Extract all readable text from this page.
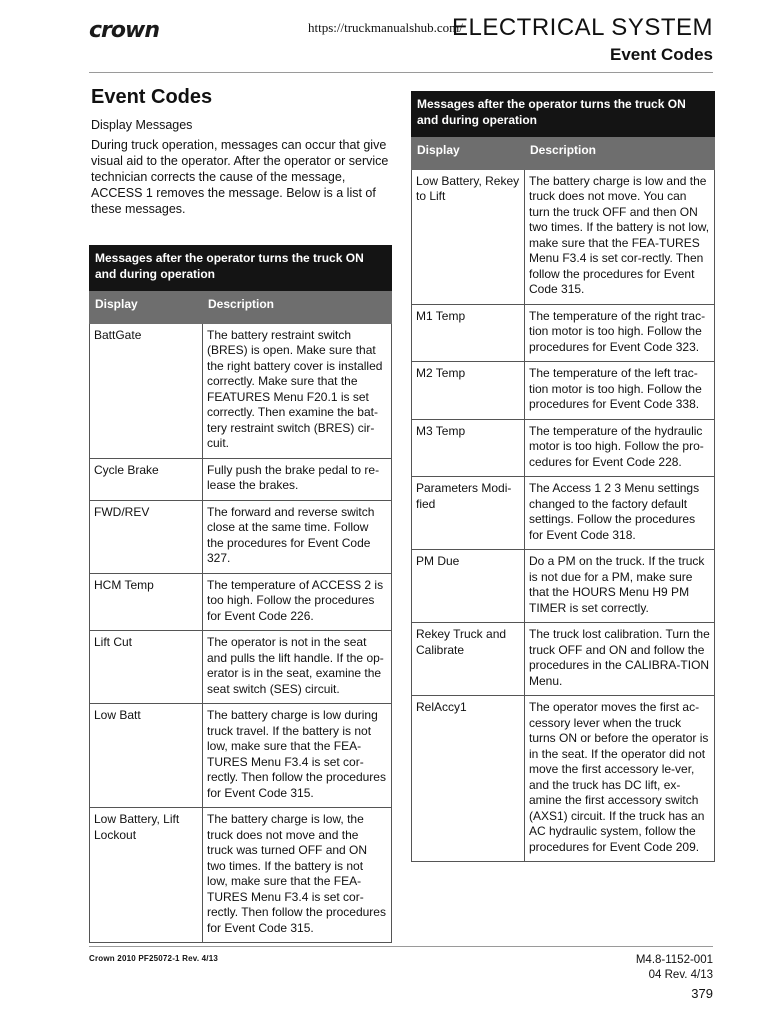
crown	https://truckmanualshub.com/
ELECTRICAL SYSTEM
Event Codes
Event Codes
Display Messages

During truck operation, messages can occur that give visual aid to the operator. After the operator or service technician corrects the cause of the message, ACCESS 1 removes the message. Below is a list of these messages.

Messages after the operator turns the truck ON and during operation	
Display	Description
BattGate	The battery restraint switch (BRES) is open. Make sure that the right battery cover is installed correctly. Make sure that the FEATURES Menu F20.1 is set correctly. Then examine the bat-tery restraint switch (BRES) cir-cuit.
Cycle Brake	Fully push the brake pedal to re-lease the brakes.
FWD/REV	The forward and reverse switch close at the same time. Follow the procedures for Event Code 327.
HCM Temp	The temperature of ACCESS 2 is too high. Follow the procedures for Event Code 226.
Lift Cut	The operator is not in the seat and pulls the lift handle. If the op-erator is in the seat, examine the seat switch (SES) circuit.
Low Batt	The battery charge is low during truck travel. If the battery is not low, make sure that the FEA-TURES Menu F3.4 is set cor-rectly. Then follow the procedures for Event Code 315.
Low Battery, Lift Lockout	The battery charge is low, the truck does not move and the truck was turned OFF and ON two times. If the battery is not low, make sure that the FEA-TURES Menu F3.4 is set cor-rectly. Then follow the procedures for Event Code 315.
Messages after the operator turns the truck ON and during operation	
Display	Description
Low Battery, Rekey to Lift	The battery charge is low and the truck does not move. You can turn the truck OFF and then ON two times. If the battery is not low, make sure that the FEA-TURES Menu F3.4 is set cor-rectly. Then follow the procedures for Event Code 315.
M1 Temp	The temperature of the right trac-tion motor is too high. Follow the procedures for Event Code 323.
M2 Temp	The temperature of the left trac-tion motor is too high. Follow the procedures for Event Code 338.
M3 Temp	The temperature of the hydraulic motor is too high. Follow the pro-cedures for Event Code 228.
Parameters Modi-fied	The Access 1 2 3 Menu settings changed to the factory default settings. Follow the procedures for Event Code 318.
PM Due	Do a PM on the truck. If the truck is not due for a PM, make sure that the HOURS Menu H9 PM TIMER is set correctly.
Rekey Truck and Calibrate	The truck lost calibration. Turn the truck OFF and ON and follow the procedures in the CALIBRA-TION Menu.
RelAccy1	The operator moves the first ac-cessory lever when the truck turns ON or before the operator is in the seat. If the operator did not move the first accessory le-ver, and the truck has DC lift, ex-amine the first accessory switch (AXS1) circuit. If the truck has an AC hydraulic system, follow the procedures for Event Code 209.
Crown 2010 PF25072-1 Rev. 4/13	M4.8-1152-001
04 Rev. 4/13
379
